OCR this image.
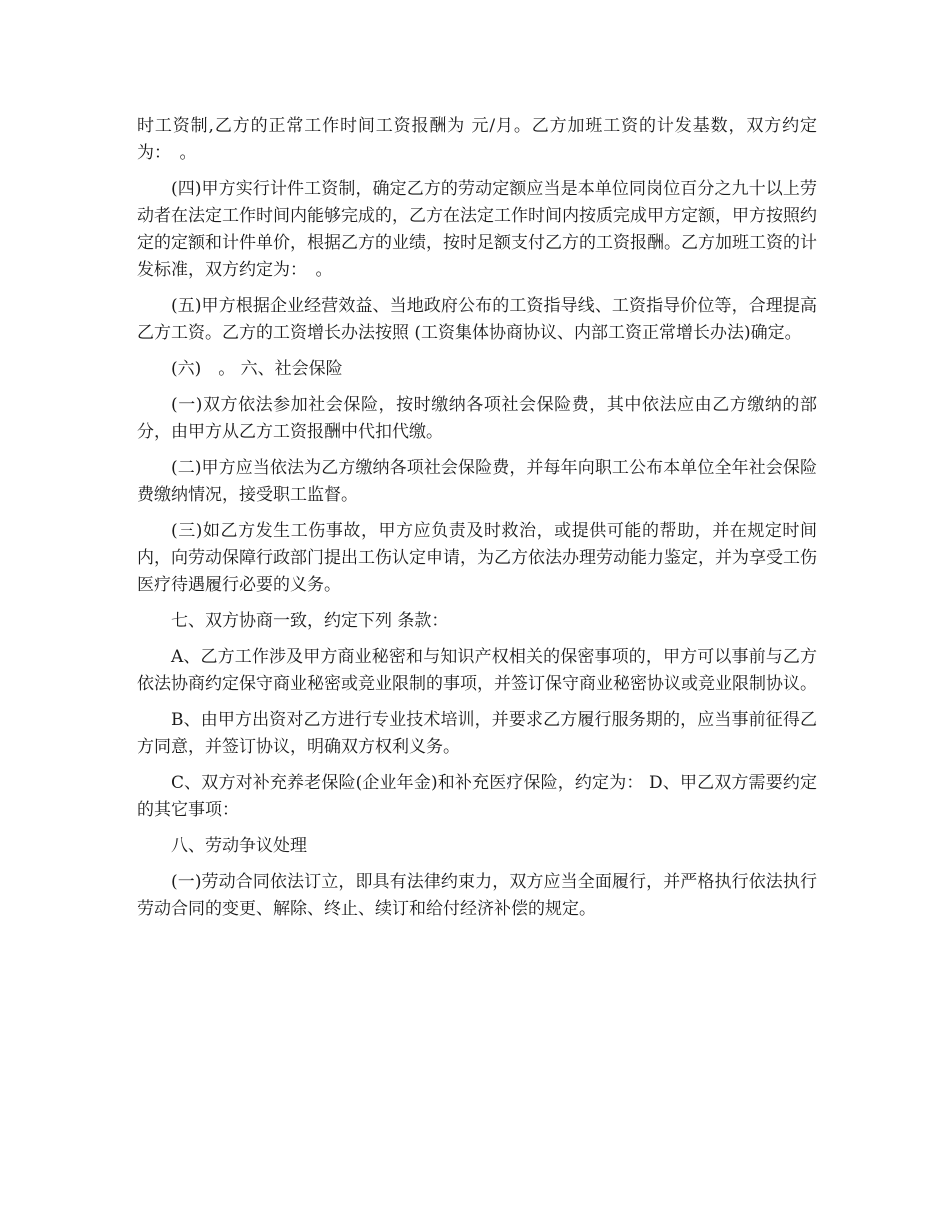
时工资制,乙方的正常工作时间工资报酬为 元/月。乙方加班工资的计发基数，双方约定为：　。

(四)甲方实行计件工资制，确定乙方的劳动定额应当是本单位同岗位百分之九十以上劳动者在法定工作时间内能够完成的，乙方在法定工作时间内按质完成甲方定额，甲方按照约定的定额和计件单价，根据乙方的业绩，按时足额支付乙方的工资报酬。乙方加班工资的计发标准，双方约定为：　。

(五)甲方根据企业经营效益、当地政府公布的工资指导线、工资指导价位等，合理提高乙方工资。乙方的工资增长办法按照 (工资集体协商协议、内部工资正常增长办法)确定。

(六)　。 六、社会保险

(一)双方依法参加社会保险，按时缴纳各项社会保险费，其中依法应由乙方缴纳的部分，由甲方从乙方工资报酬中代扣代缴。

(二)甲方应当依法为乙方缴纳各项社会保险费，并每年向职工公布本单位全年社会保险费缴纳情况，接受职工监督。

(三)如乙方发生工伤事故，甲方应负责及时救治，或提供可能的帮助，并在规定时间内，向劳动保障行政部门提出工伤认定申请，为乙方依法办理劳动能力鉴定，并为享受工伤医疗待遇履行必要的义务。

七、双方协商一致，约定下列 条款：

A、乙方工作涉及甲方商业秘密和与知识产权相关的保密事项的，甲方可以事前与乙方依法协商约定保守商业秘密或竞业限制的事项，并签订保守商业秘密协议或竞业限制协议。

B、由甲方出资对乙方进行专业技术培训，并要求乙方履行服务期的，应当事前征得乙方同意，并签订协议，明确双方权利义务。

C、双方对补充养老保险(企业年金)和补充医疗保险，约定为： D、甲乙双方需要约定的其它事项：

八、劳动争议处理

(一)劳动合同依法订立，即具有法律约束力，双方应当全面履行，并严格执行依法执行劳动合同的变更、解除、终止、续订和给付经济补偿的规定。
